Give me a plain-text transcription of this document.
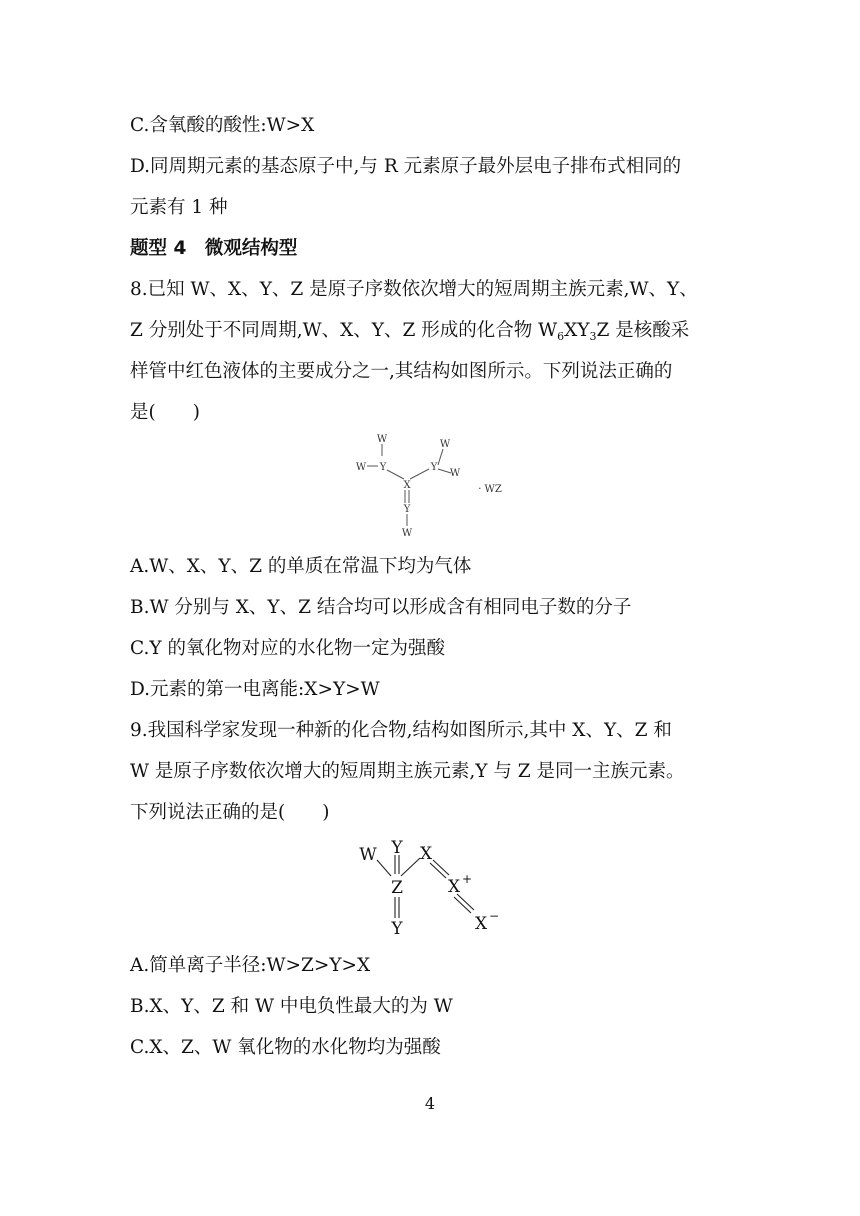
C.含氧酸的酸性:W>X
D.同周期元素的基态原子中,与 R 元素原子最外层电子排布式相同的
元素有 1 种
题型 4　微观结构型
8.已知 W、X、Y、Z 是原子序数依次增大的短周期主族元素,W、Y、
Z 分别处于不同周期,W、X、Y、Z 形成的化合物 $W_6XY_3Z$ 是核酸采
样管中红色液体的主要成分之一,其结构如图所示。下列说法正确的
是(　　)
W
W Y
X
Y
W
W
Y
W
· WZ
A.W、X、Y、Z 的单质在常温下均为气体
B.W 分别与 X、Y、Z 结合均可以形成含有相同电子数的分子
C.Y 的氧化物对应的水化物一定为强酸
D.元素的第一电离能:X>Y>W
9.我国科学家发现一种新的化合物,结构如图所示,其中 X、Y、Z 和
W 是原子序数依次增大的短周期主族元素,Y 与 Z 是同一主族元素。
下列说法正确的是(　　)
W Y X
Z	X +
Y	X −
A.简单离子半径:W>Z>Y>X
B.X、Y、Z 和 W 中电负性最大的为 W
C.X、Z、W 氧化物的水化物均为强酸
4
